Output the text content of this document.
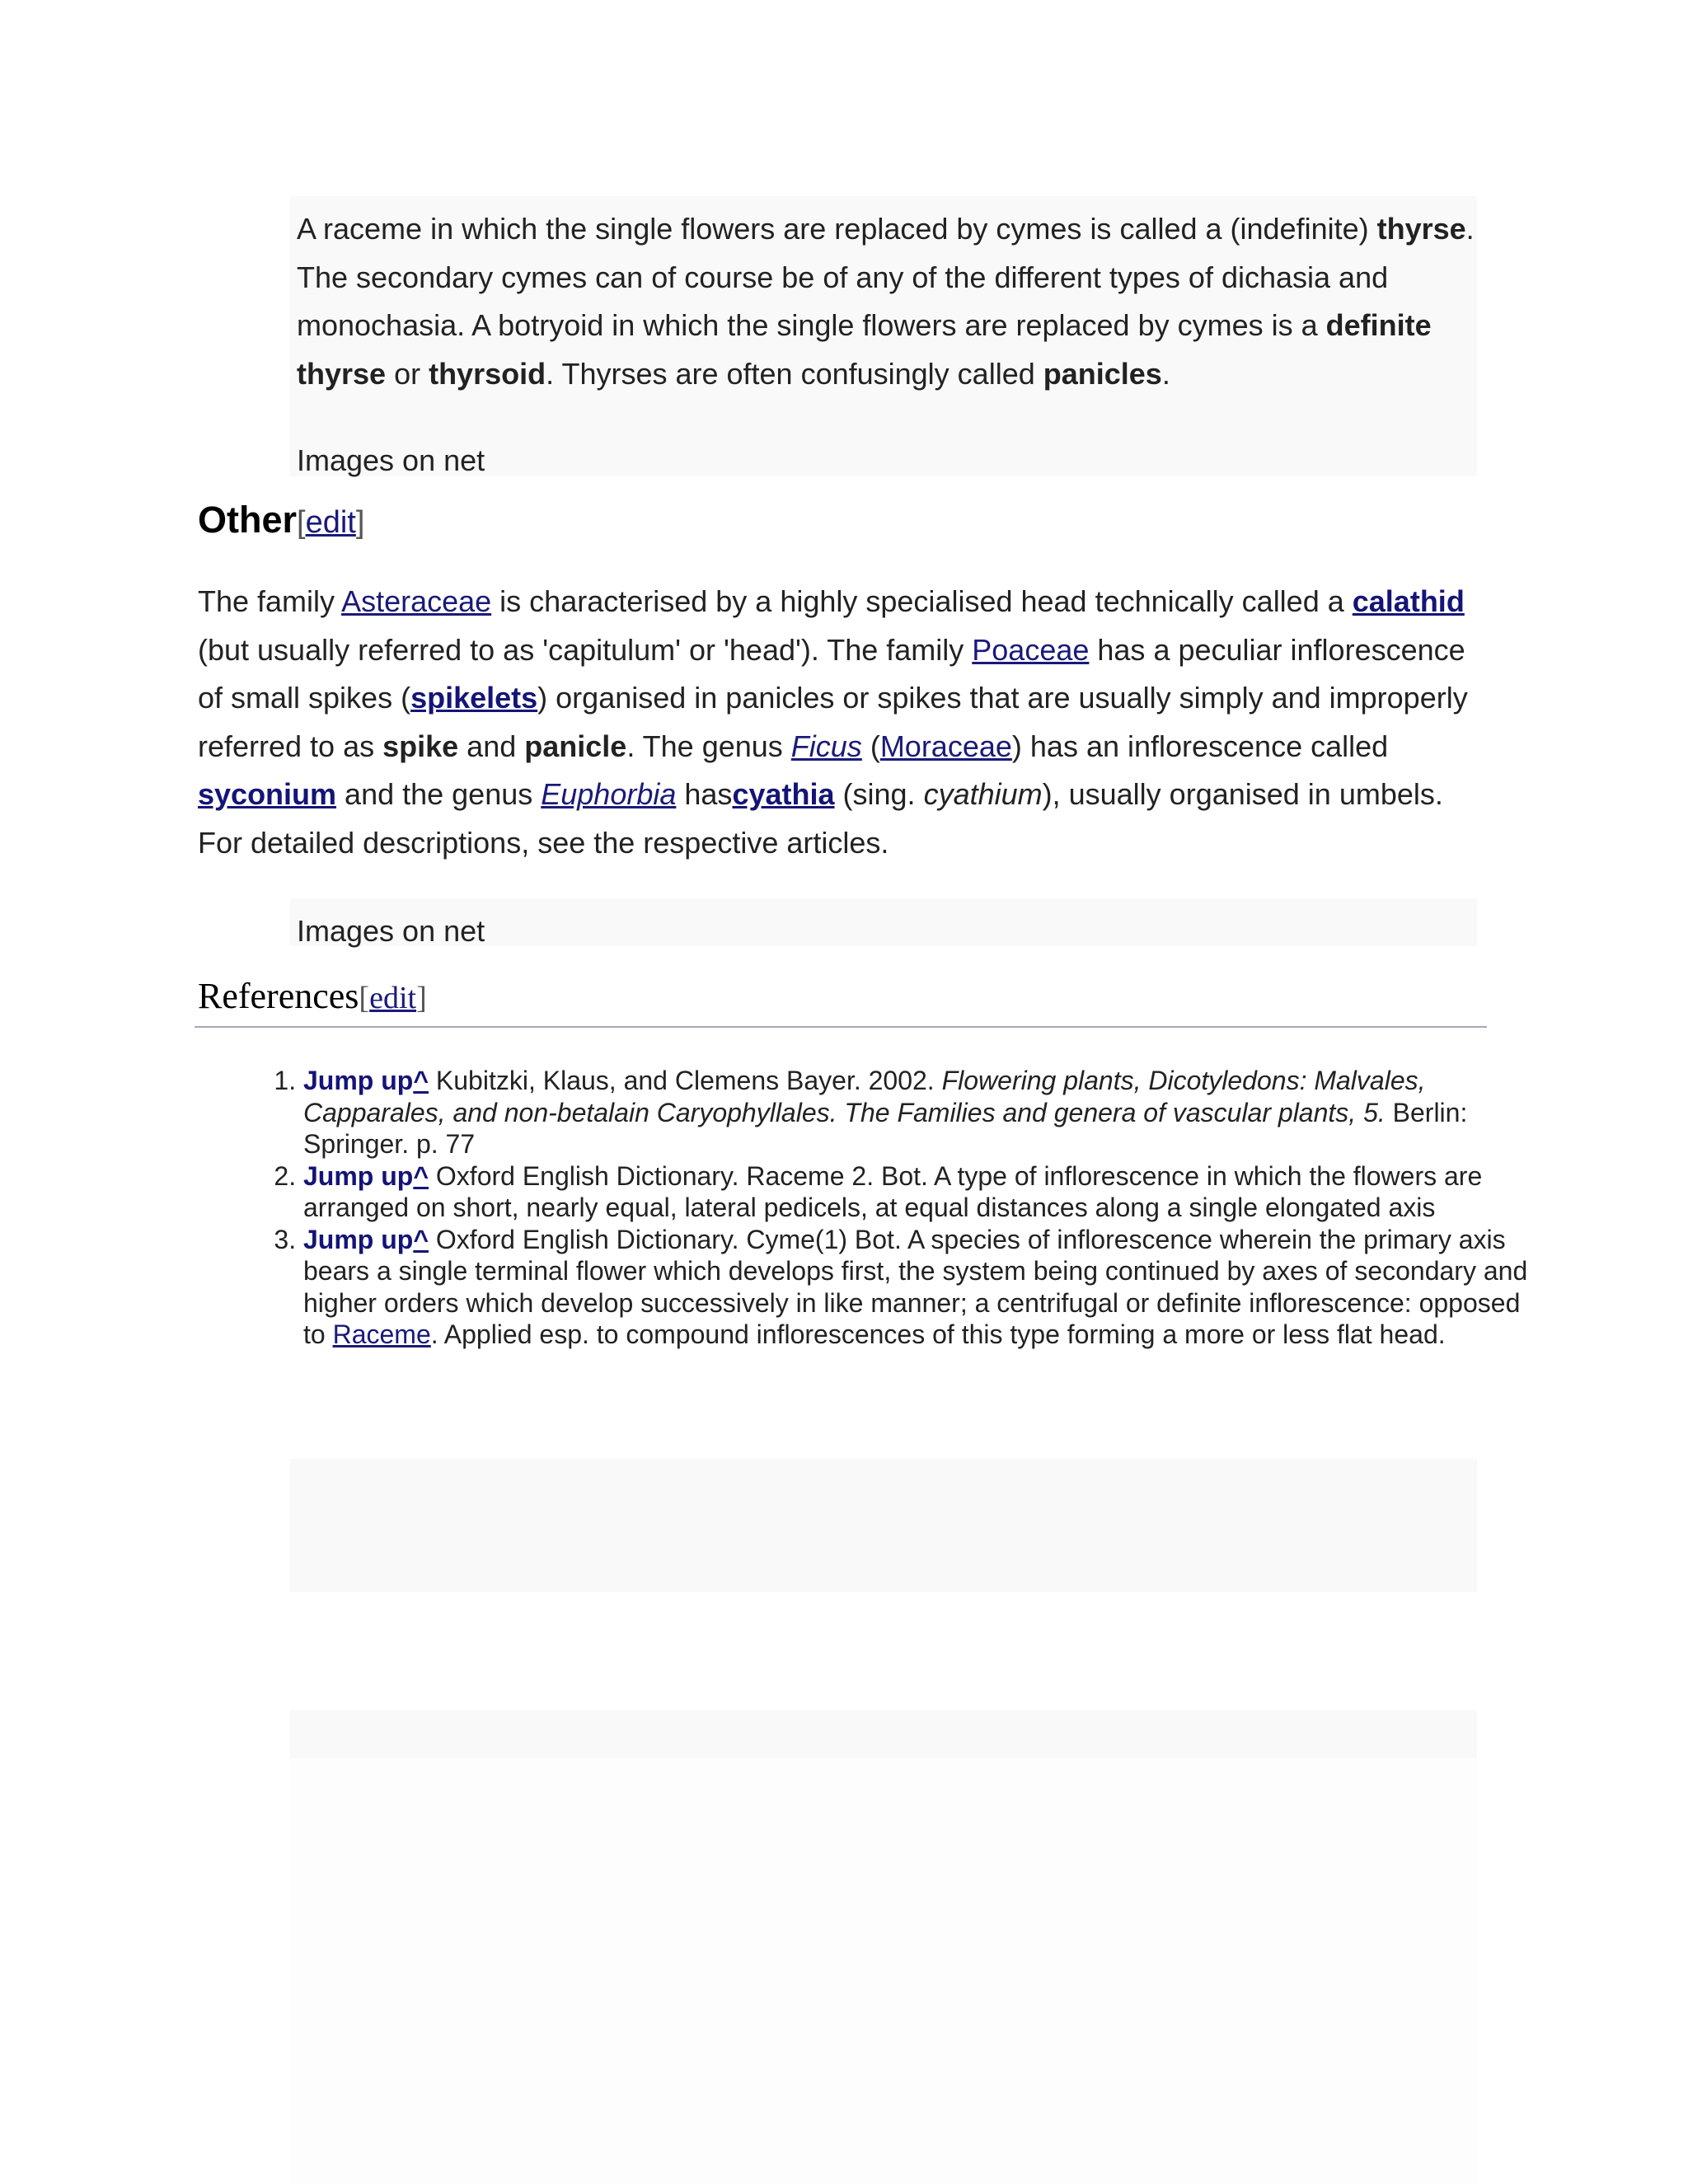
A raceme in which the single flowers are replaced by cymes is called a (indefinite) thyrse. The secondary cymes can of course be of any of the different types of dichasia and monochasia. A botryoid in which the single flowers are replaced by cymes is a definite thyrse or thyrsoid. Thyrses are often confusingly called panicles.

Images on net
Other[edit]

The family Asteraceae is characterised by a highly specialised head technically called a calathid (but usually referred to as 'capitulum' or 'head'). The family Poaceae has a peculiar inflorescence of small spikes (spikelets) organised in panicles or spikes that are usually simply and improperly referred to as spike and panicle. The genus Ficus (Moraceae) has an inflorescence called syconium and the genus Euphorbia hascyathia (sing. cyathium), usually organised in umbels. For detailed descriptions, see the respective articles.

Images on net
References[edit]
1. Jump up^ Kubitzki, Klaus, and Clemens Bayer. 2002. Flowering plants, Dicotyledons: Malvales, Capparales, and non-betalain Caryophyllales. The Families and genera of vascular plants, 5. Berlin: Springer. p. 77
2. Jump up^ Oxford English Dictionary. Raceme 2. Bot. A type of inflorescence in which the flowers are arranged on short, nearly equal, lateral pedicels, at equal distances along a single elongated axis
3. Jump up^ Oxford English Dictionary. Cyme(1) Bot. A species of inflorescence wherein the primary axis bears a single terminal flower which develops first, the system being continued by axes of secondary and higher orders which develop successively in like manner; a centrifugal or definite inflorescence: opposed to Raceme. Applied esp. to compound inflorescences of this type forming a more or less flat head.
